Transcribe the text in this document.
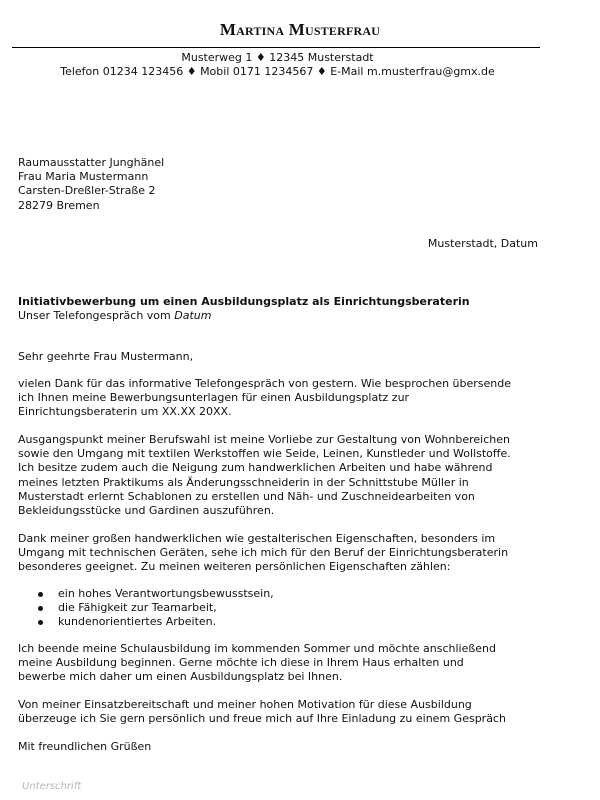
Martina Musterfrau
Musterweg 1 ♦ 12345 Musterstadt
Telefon 01234 123456 ♦ Mobil 0171 1234567 ♦ E-Mail m.musterfrau@gmx.de
Raumausstatter Junghänel
Frau Maria Mustermann
Carsten-Dreßler-Straße 2
28279 Bremen
Musterstadt, Datum
Initiativbewerbung um einen Ausbildungsplatz als Einrichtungsberaterin
Unser Telefongespräch vom Datum
Sehr geehrte Frau Mustermann,
vielen Dank für das informative Telefongespräch von gestern. Wie besprochen übersende
ich Ihnen meine Bewerbungsunterlagen für einen Ausbildungsplatz zur
Einrichtungsberaterin um XX.XX 20XX.
Ausgangspunkt meiner Berufswahl ist meine Vorliebe zur Gestaltung von Wohnbereichen
sowie den Umgang mit textilen Werkstoffen wie Seide, Leinen, Kunstleder und Wollstoffe.
Ich besitze zudem auch die Neigung zum handwerklichen Arbeiten und habe während
meines letzten Praktikums als Änderungsschneiderin in der Schnittstube Müller in
Musterstadt erlernt Schablonen zu erstellen und Näh- und Zuschneidearbeiten von
Bekleidungsstücke und Gardinen auszuführen.
Dank meiner großen handwerklichen wie gestalterischen Eigenschaften, besonders im
Umgang mit technischen Geräten, sehe ich mich für den Beruf der Einrichtungsberaterin
besonderes geeignet. Zu meinen weiteren persönlichen Eigenschaften zählen:
ein hohes Verantwortungsbewusstsein,
die Fähigkeit zur Teamarbeit,
kundenorientiertes Arbeiten.
Ich beende meine Schulausbildung im kommenden Sommer und möchte anschließend
meine Ausbildung beginnen. Gerne möchte ich diese in Ihrem Haus erhalten und
bewerbe mich daher um einen Ausbildungsplatz bei Ihnen.
Von meiner Einsatzbereitschaft und meiner hohen Motivation für diese Ausbildung
überzeuge ich Sie gern persönlich und freue mich auf Ihre Einladung zu einem Gespräch
Mit freundlichen Grüßen
Unterschrift
